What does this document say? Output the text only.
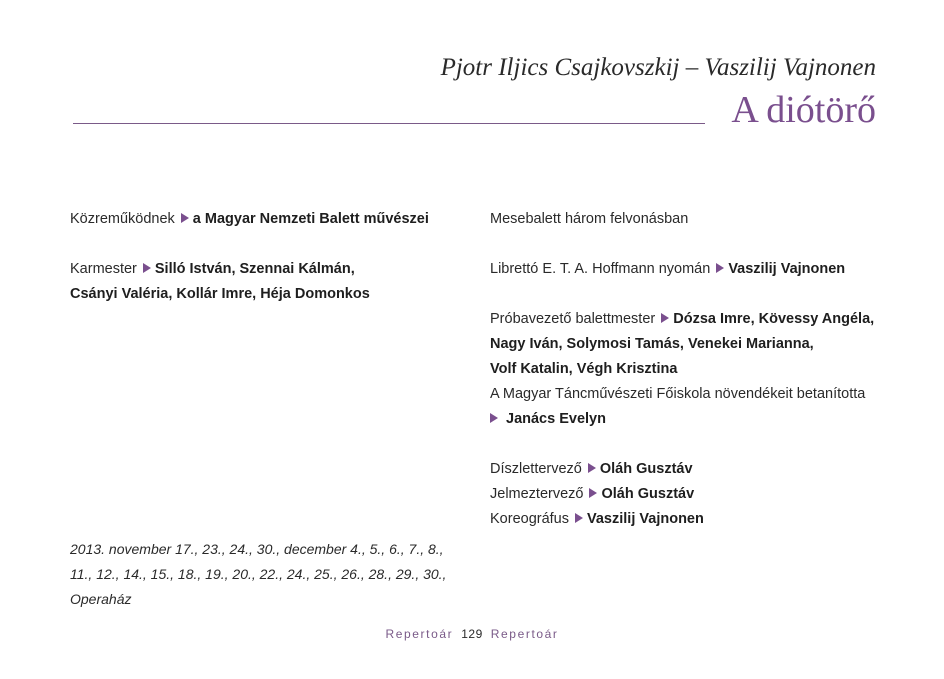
Pjotr Iljics Csajkovszkij – Vaszilij Vajnonen
A diótörő
Közreműködnek a Magyar Nemzeti Balett művészei
Karmester Silló István, Szennai Kálmán,
Csányi Valéria, Kollár Imre, Héja Domonkos
Mesebalett három felvonásban
Librettó E. T. A. Hoffmann nyomán Vaszilij Vajnonen
Próbavezető balettmester Dózsa Imre, Kövessy Angéla,
Nagy Iván, Solymosi Tamás, Venekei Marianna,
Volf Katalin, Végh Krisztina
A Magyar Táncművészeti Főiskola növendékeit betanította
Janács Evelyn
Díszlettervező Oláh Gusztáv
Jelmeztervező Oláh Gusztáv
Koreográfus Vaszilij Vajnonen
2013. november 17., 23., 24., 30., december 4., 5., 6., 7., 8.,
11., 12., 14., 15., 18., 19., 20., 22., 24., 25., 26., 28., 29., 30.,
Operaház
Repertoár 129 Repertoár
